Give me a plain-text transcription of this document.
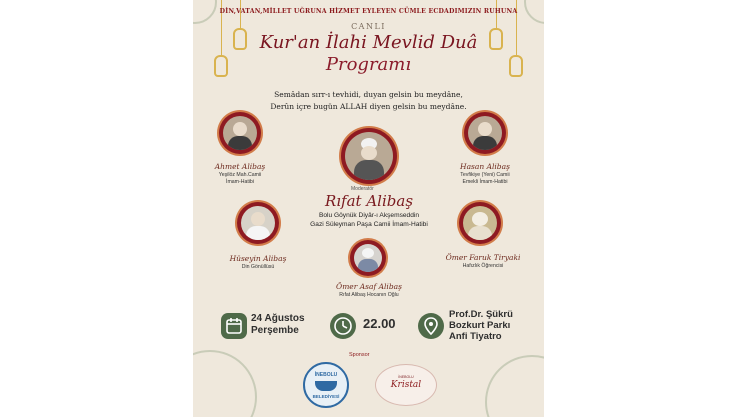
DİN,VATAN,MİLLET UĞRUNA HİZMET EYLEYEN CÜMLE ECDADIMIZIN RUHUNA
CANLI
Kur'an İlahi Mevlid Duâ
Programı
Semâdan sırr-ı tevhidi, duyan gelsin bu meydâne,
Derûn içre bugün ALLAH diyen gelsin bu meydâne.
Ahmet Alibaş
Yeşilöz Mah.Camii
İmam-Hatibi
Hasan Alibaş
Tevfikiye (Yeni) Camii
Emekli İmam-Hatibi
Moderatör
Rıfat Alibaş
Bolu Göynük Diyâr-ı Akşemseddin
Gazi Süleyman Paşa Camii İmam-Hatibi
Hüseyin Alibaş
Din Gönüllüsü
Ömer Faruk Tiryaki
Hafızlık Öğrencisi
Ömer Asaf Alibaş
Rıfat Alibaş Hocanın Oğlu
24 Ağustos
Perşembe	22.00
Prof.Dr. Şükrü
Bozkurt Parkı
Anfi Tiyatro
Sponsor
İNEBOLU
BELEDİYESİ
İNEBOLU
Kristal
